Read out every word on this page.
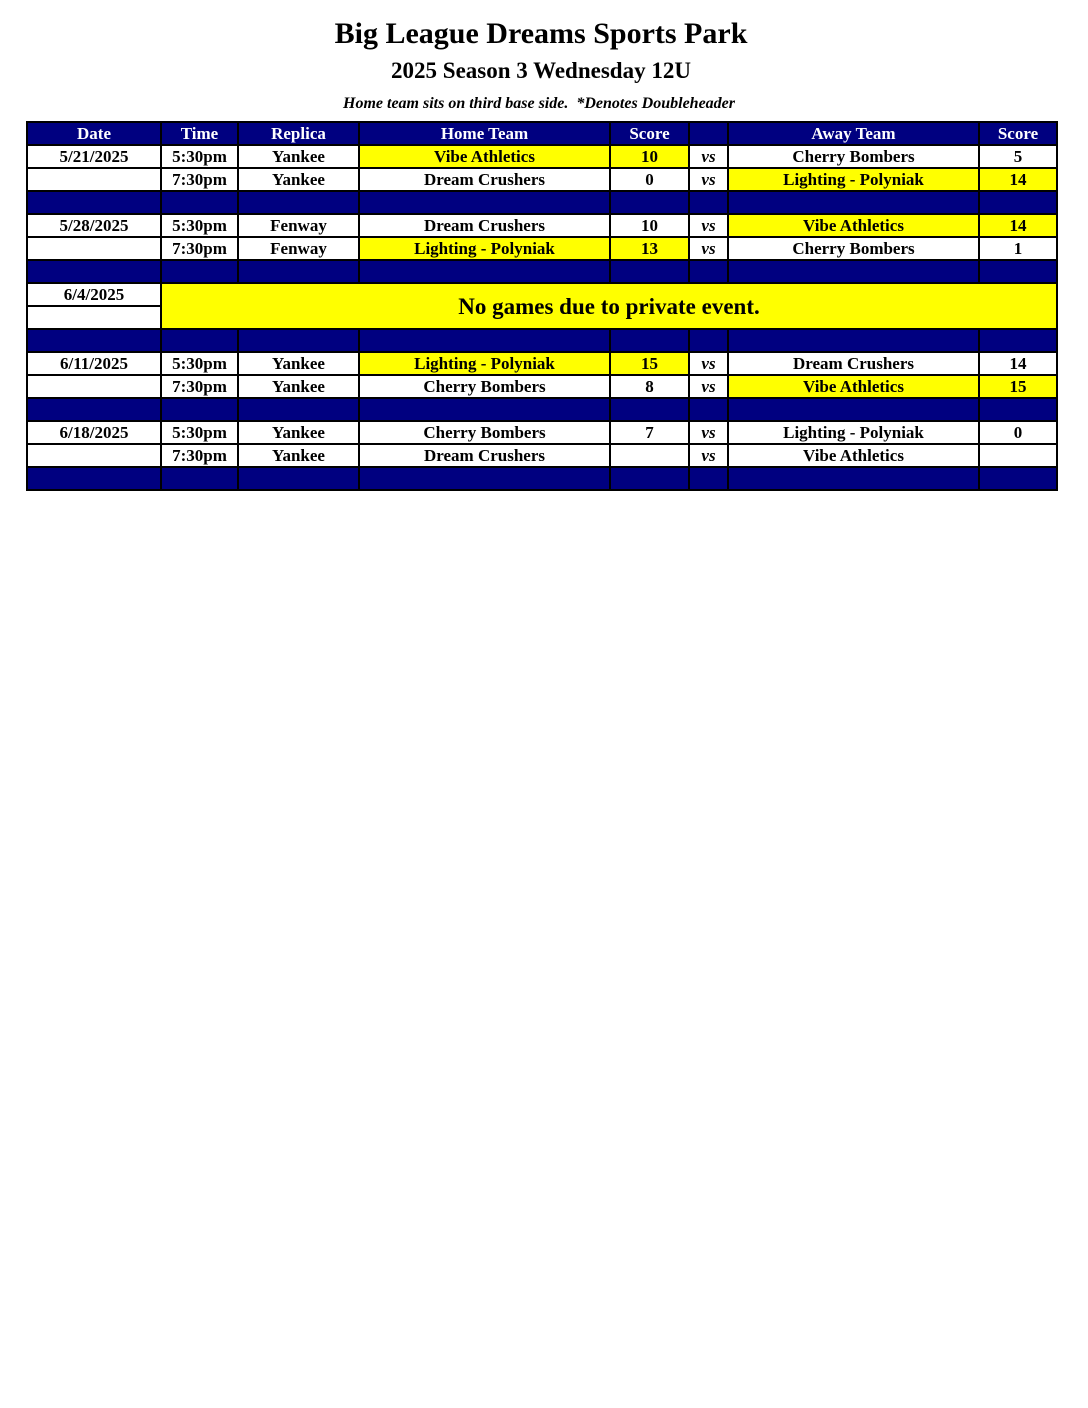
Big League Dreams Sports Park
2025 Season 3 Wednesday 12U
Home team sits on third base side.  *Denotes Doubleheader
Date	Time	Replica	Home Team	Score		Away Team	Score
5/21/2025	5:30pm	Yankee	Vibe Athletics	10	vs	Cherry Bombers	5
	7:30pm	Yankee	Dream Crushers	0	vs	Lighting - Polyniak	14

5/28/2025	5:30pm	Fenway	Dream Crushers	10	vs	Vibe Athletics	14
	7:30pm	Fenway	Lighting - Polyniak	13	vs	Cherry Bombers	1

6/4/2025	No games due to private event.						

6/11/2025	5:30pm	Yankee	Lighting - Polyniak	15	vs	Dream Crushers	14
	7:30pm	Yankee	Cherry Bombers	8	vs	Vibe Athletics	15

6/18/2025	5:30pm	Yankee	Cherry Bombers	7	vs	Lighting - Polyniak	0
	7:30pm	Yankee	Dream Crushers		vs	Vibe Athletics	
